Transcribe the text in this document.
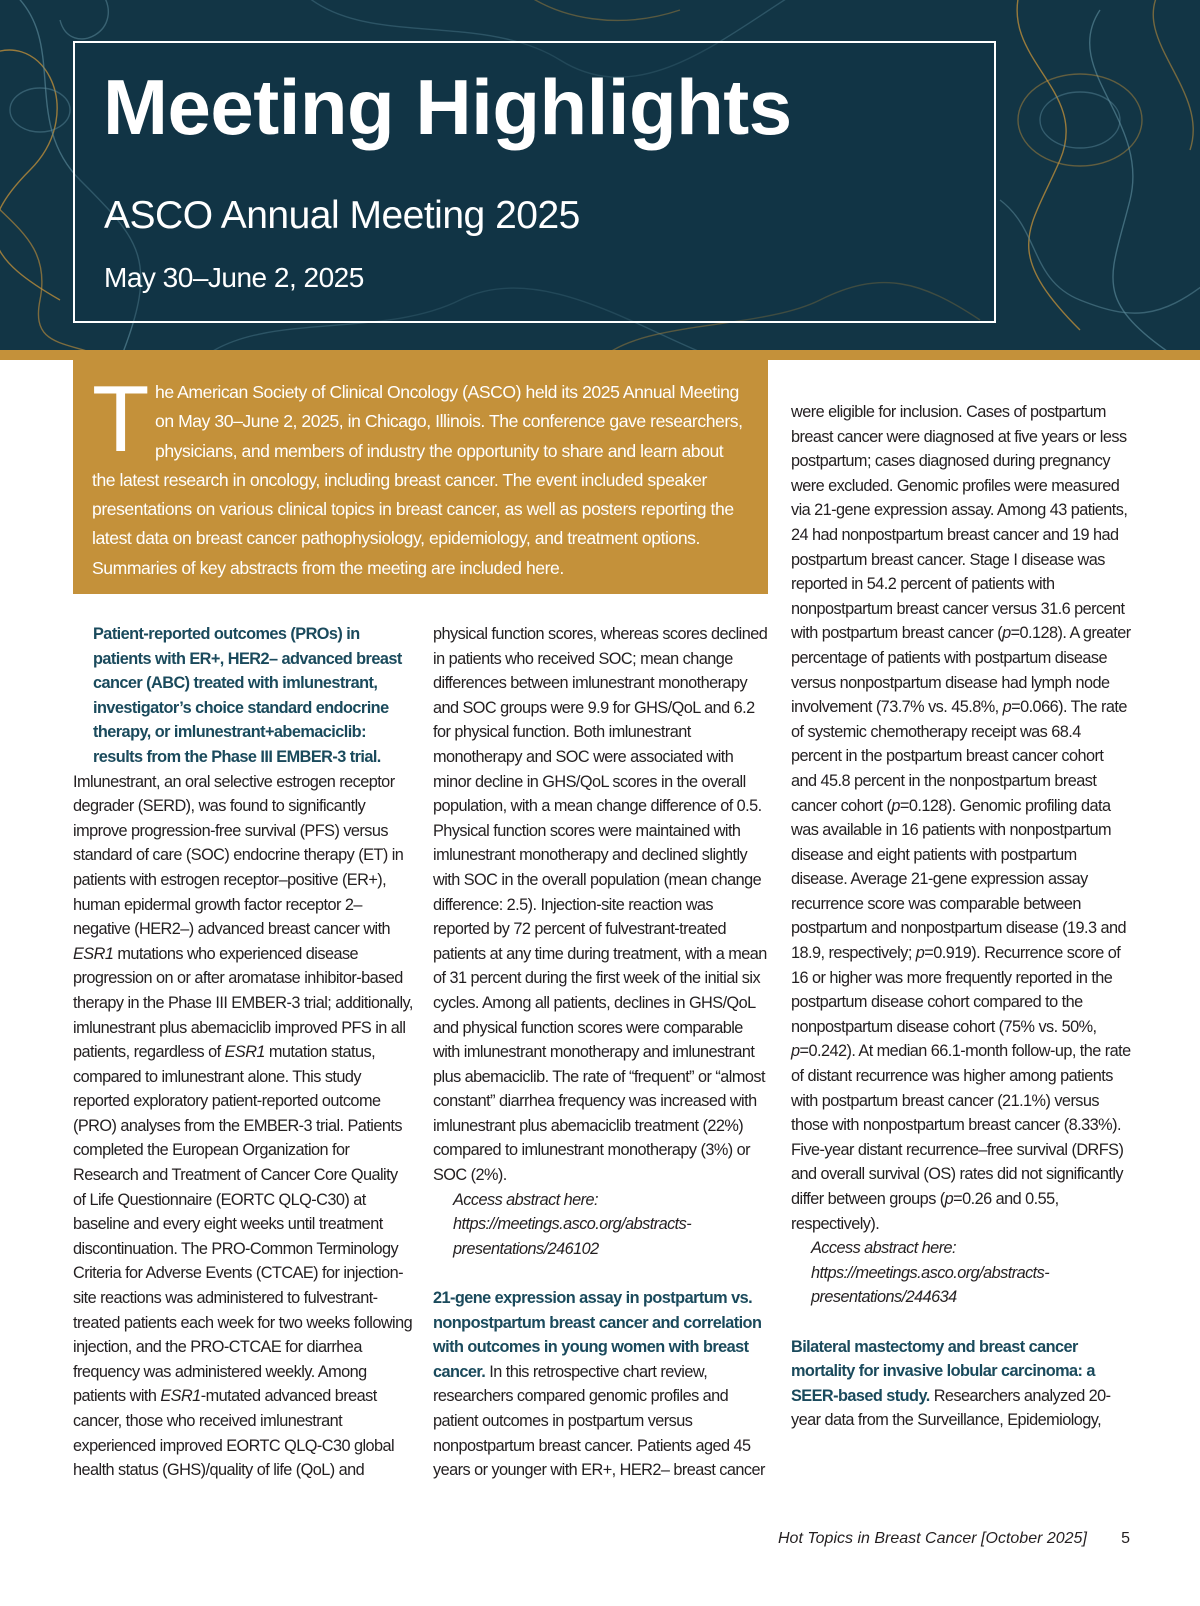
Meeting Highlights
ASCO Annual Meeting 2025
May 30–June 2, 2025
T he American Society of Clinical Oncology (ASCO) held its 2025 Annual Meeting on May 30–June 2, 2025, in Chicago, Illinois. The conference gave researchers, physicians, and members of industry the opportunity to share and learn about the latest research in oncology, including breast cancer. The event included speaker presentations on various clinical topics in breast cancer, as well as posters reporting the latest data on breast cancer pathophysiology, epidemiology, and treatment options. Summaries of key abstracts from the meeting are included here.

Patient-reported outcomes (PROs) in patients with ER+, HER2– advanced breast cancer (ABC) treated with imlunestrant, investigator’s choice standard endocrine therapy, or imlunestrant+abemaciclib: results from the Phase III EMBER-3 trial.

Imlunestrant, an oral selective estrogen receptor degrader (SERD), was found to significantly improve progression-free survival (PFS) versus standard of care (SOC) endocrine therapy (ET) in patients with estrogen receptor–positive (ER+), human epidermal growth factor receptor 2–negative (HER2–) advanced breast cancer with ESR1 mutations who experienced disease progression on or after aromatase inhibitor-based therapy in the Phase III EMBER-3 trial; additionally, imlunestrant plus abemaciclib improved PFS in all patients, regardless of ESR1 mutation status, compared to imlunestrant alone. This study reported exploratory patient-reported outcome (PRO) analyses from the EMBER-3 trial. Patients completed the European Organization for Research and Treatment of Cancer Core Quality of Life Questionnaire (EORTC QLQ-C30) at baseline and every eight weeks until treatment discontinuation. The PRO-Common Terminology Criteria for Adverse Events (CTCAE) for injection-site reactions was administered to fulvestrant-treated patients each week for two weeks following injection, and the PRO-CTCAE for diarrhea frequency was administered weekly. Among patients with ESR1-mutated advanced breast cancer, those who received imlunestrant experienced improved EORTC QLQ-C30 global health status (GHS)/quality of life (QoL) and

physical function scores, whereas scores declined in patients who received SOC; mean change differences between imlunestrant monotherapy and SOC groups were 9.9 for GHS/QoL and 6.2 for physical function. Both imlunestrant monotherapy and SOC were associated with minor decline in GHS/QoL scores in the overall population, with a mean change difference of 0.5. Physical function scores were maintained with imlunestrant monotherapy and declined slightly with SOC in the overall population (mean change difference: 2.5). Injection-site reaction was reported by 72 percent of fulvestrant-treated patients at any time during treatment, with a mean of 31 percent during the first week of the initial six cycles. Among all patients, declines in GHS/QoL and physical function scores were comparable with imlunestrant monotherapy and imlunestrant plus abemaciclib. The rate of “frequent” or “almost constant” diarrhea frequency was increased with imlunestrant plus abemaciclib treatment (22%) compared to imlunestrant monotherapy (3%) or SOC (2%).

Access abstract here: https://meetings.asco.org/abstracts-presentations/246102

21-gene expression assay in postpartum vs. nonpostpartum breast cancer and correlation with outcomes in young women with breast cancer. In this retrospective chart review, researchers compared genomic profiles and patient outcomes in postpartum versus nonpostpartum breast cancer. Patients aged 45 years or younger with ER+, HER2– breast cancer

were eligible for inclusion. Cases of postpartum breast cancer were diagnosed at five years or less postpartum; cases diagnosed during pregnancy were excluded. Genomic profiles were measured via 21-gene expression assay. Among 43 patients, 24 had nonpostpartum breast cancer and 19 had postpartum breast cancer. Stage I disease was reported in 54.2 percent of patients with nonpostpartum breast cancer versus 31.6 percent with postpartum breast cancer (p=0.128). A greater percentage of patients with postpartum disease versus nonpostpartum disease had lymph node involvement (73.7% vs. 45.8%, p=0.066). The rate of systemic chemotherapy receipt was 68.4 percent in the postpartum breast cancer cohort and 45.8 percent in the nonpostpartum breast cancer cohort (p=0.128). Genomic profiling data was available in 16 patients with nonpostpartum disease and eight patients with postpartum disease. Average 21-gene expression assay recurrence score was comparable between postpartum and nonpostpartum disease (19.3 and 18.9, respectively; p=0.919). Recurrence score of 16 or higher was more frequently reported in the postpartum disease cohort compared to the nonpostpartum disease cohort (75% vs. 50%, p=0.242). At median 66.1-month follow-up, the rate of distant recurrence was higher among patients with postpartum breast cancer (21.1%) versus those with nonpostpartum breast cancer (8.33%). Five-year distant recurrence–free survival (DRFS) and overall survival (OS) rates did not significantly differ between groups (p=0.26 and 0.55, respectively).

Access abstract here: https://meetings.asco.org/abstracts-presentations/244634

Bilateral mastectomy and breast cancer mortality for invasive lobular carcinoma: a SEER-based study. Researchers analyzed 20-year data from the Surveillance, Epidemiology,

Hot Topics in Breast Cancer [October 2025] 5
